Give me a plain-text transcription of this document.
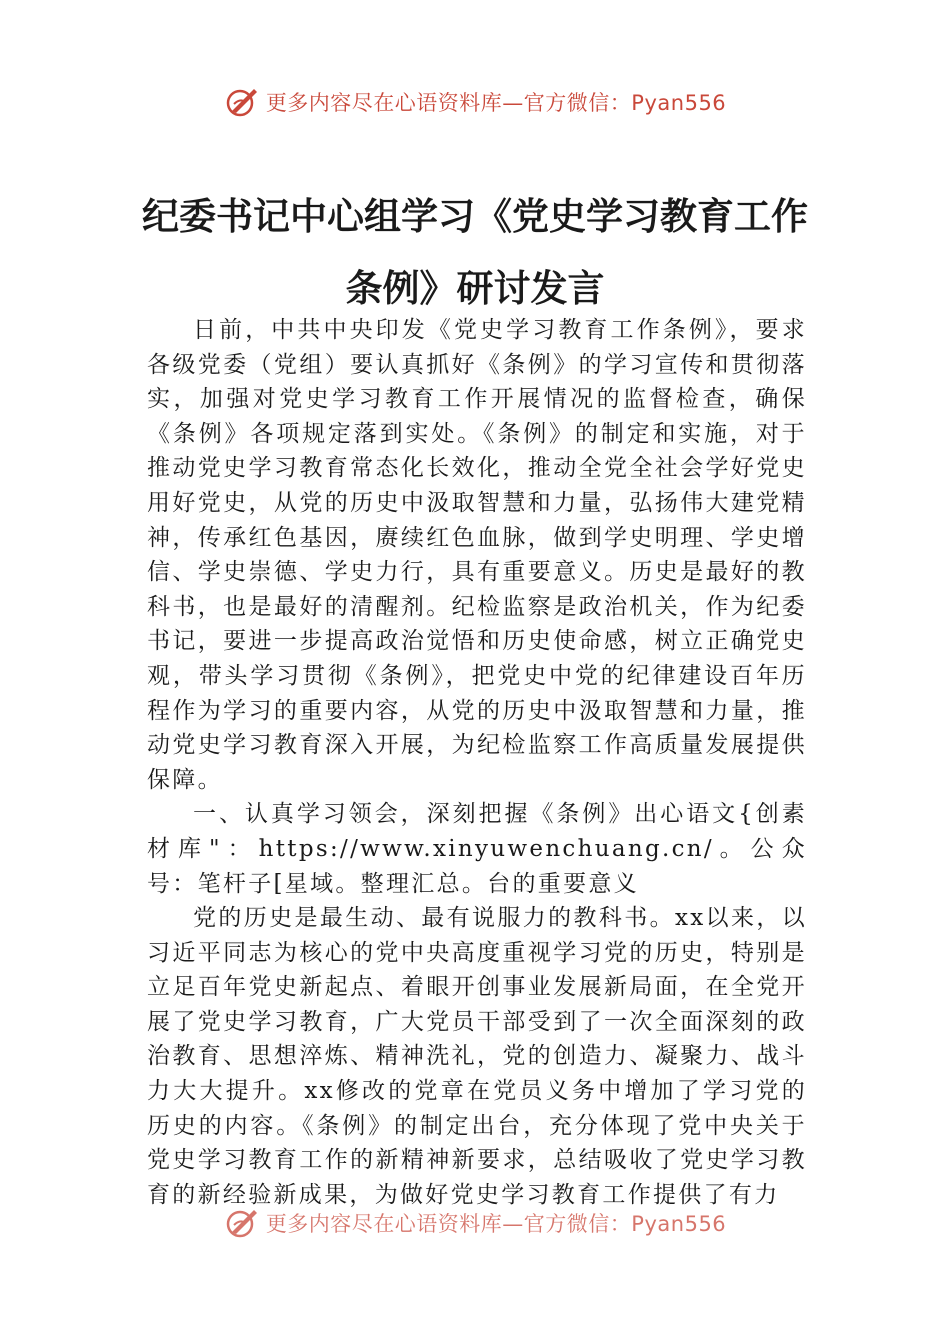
更多内容尽在心语资料库—官方微信：Pyan556
纪委书记中心组学习《党史学习教育工作
条例》研讨发言

日前，中共中央印发《党史学习教育工作条例》，要求各级党委（党组）要认真抓好《条例》的学习宣传和贯彻落实，加强对党史学习教育工作开展情况的监督检查，确保《条例》各项规定落到实处。《条例》的制定和实施，对于推动党史学习教育常态化长效化，推动全党全社会学好党史用好党史，从党的历史中汲取智慧和力量，弘扬伟大建党精神，传承红色基因，赓续红色血脉，做到学史明理、学史增信、学史崇德、学史力行，具有重要意义。历史是最好的教科书，也是最好的清醒剂。纪检监察是政治机关，作为纪委书记，要进一步提高政治觉悟和历史使命感，树立正确党史观，带头学习贯彻《条例》，把党史中党的纪律建设百年历程作为学习的重要内容，从党的历史中汲取智慧和力量，推动党史学习教育深入开展，为纪检监察工作高质量发展提供保障。

一、认真学习领会，深刻把握《条例》出心语文{创素材库"：https://www.xinyuwenchuang.cn/。公众号：笔杆子[星域。整理汇总。台的重要意义

党的历史是最生动、最有说服力的教科书。xx以来，以习近平同志为核心的党中央高度重视学习党的历史，特别是立足百年党史新起点、着眼开创事业发展新局面，在全党开展了党史学习教育，广大党员干部受到了一次全面深刻的政治教育、思想淬炼、精神洗礼，党的创造力、凝聚力、战斗力大大提升。xx修改的党章在党员义务中增加了学习党的历史的内容。《条例》的制定出台，充分体现了党中央关于党史学习教育工作的新精神新要求，总结吸收了党史学习教育的新经验新成果，为做好党史学习教育工作提供了有力

更多内容尽在心语资料库—官方微信：Pyan556
